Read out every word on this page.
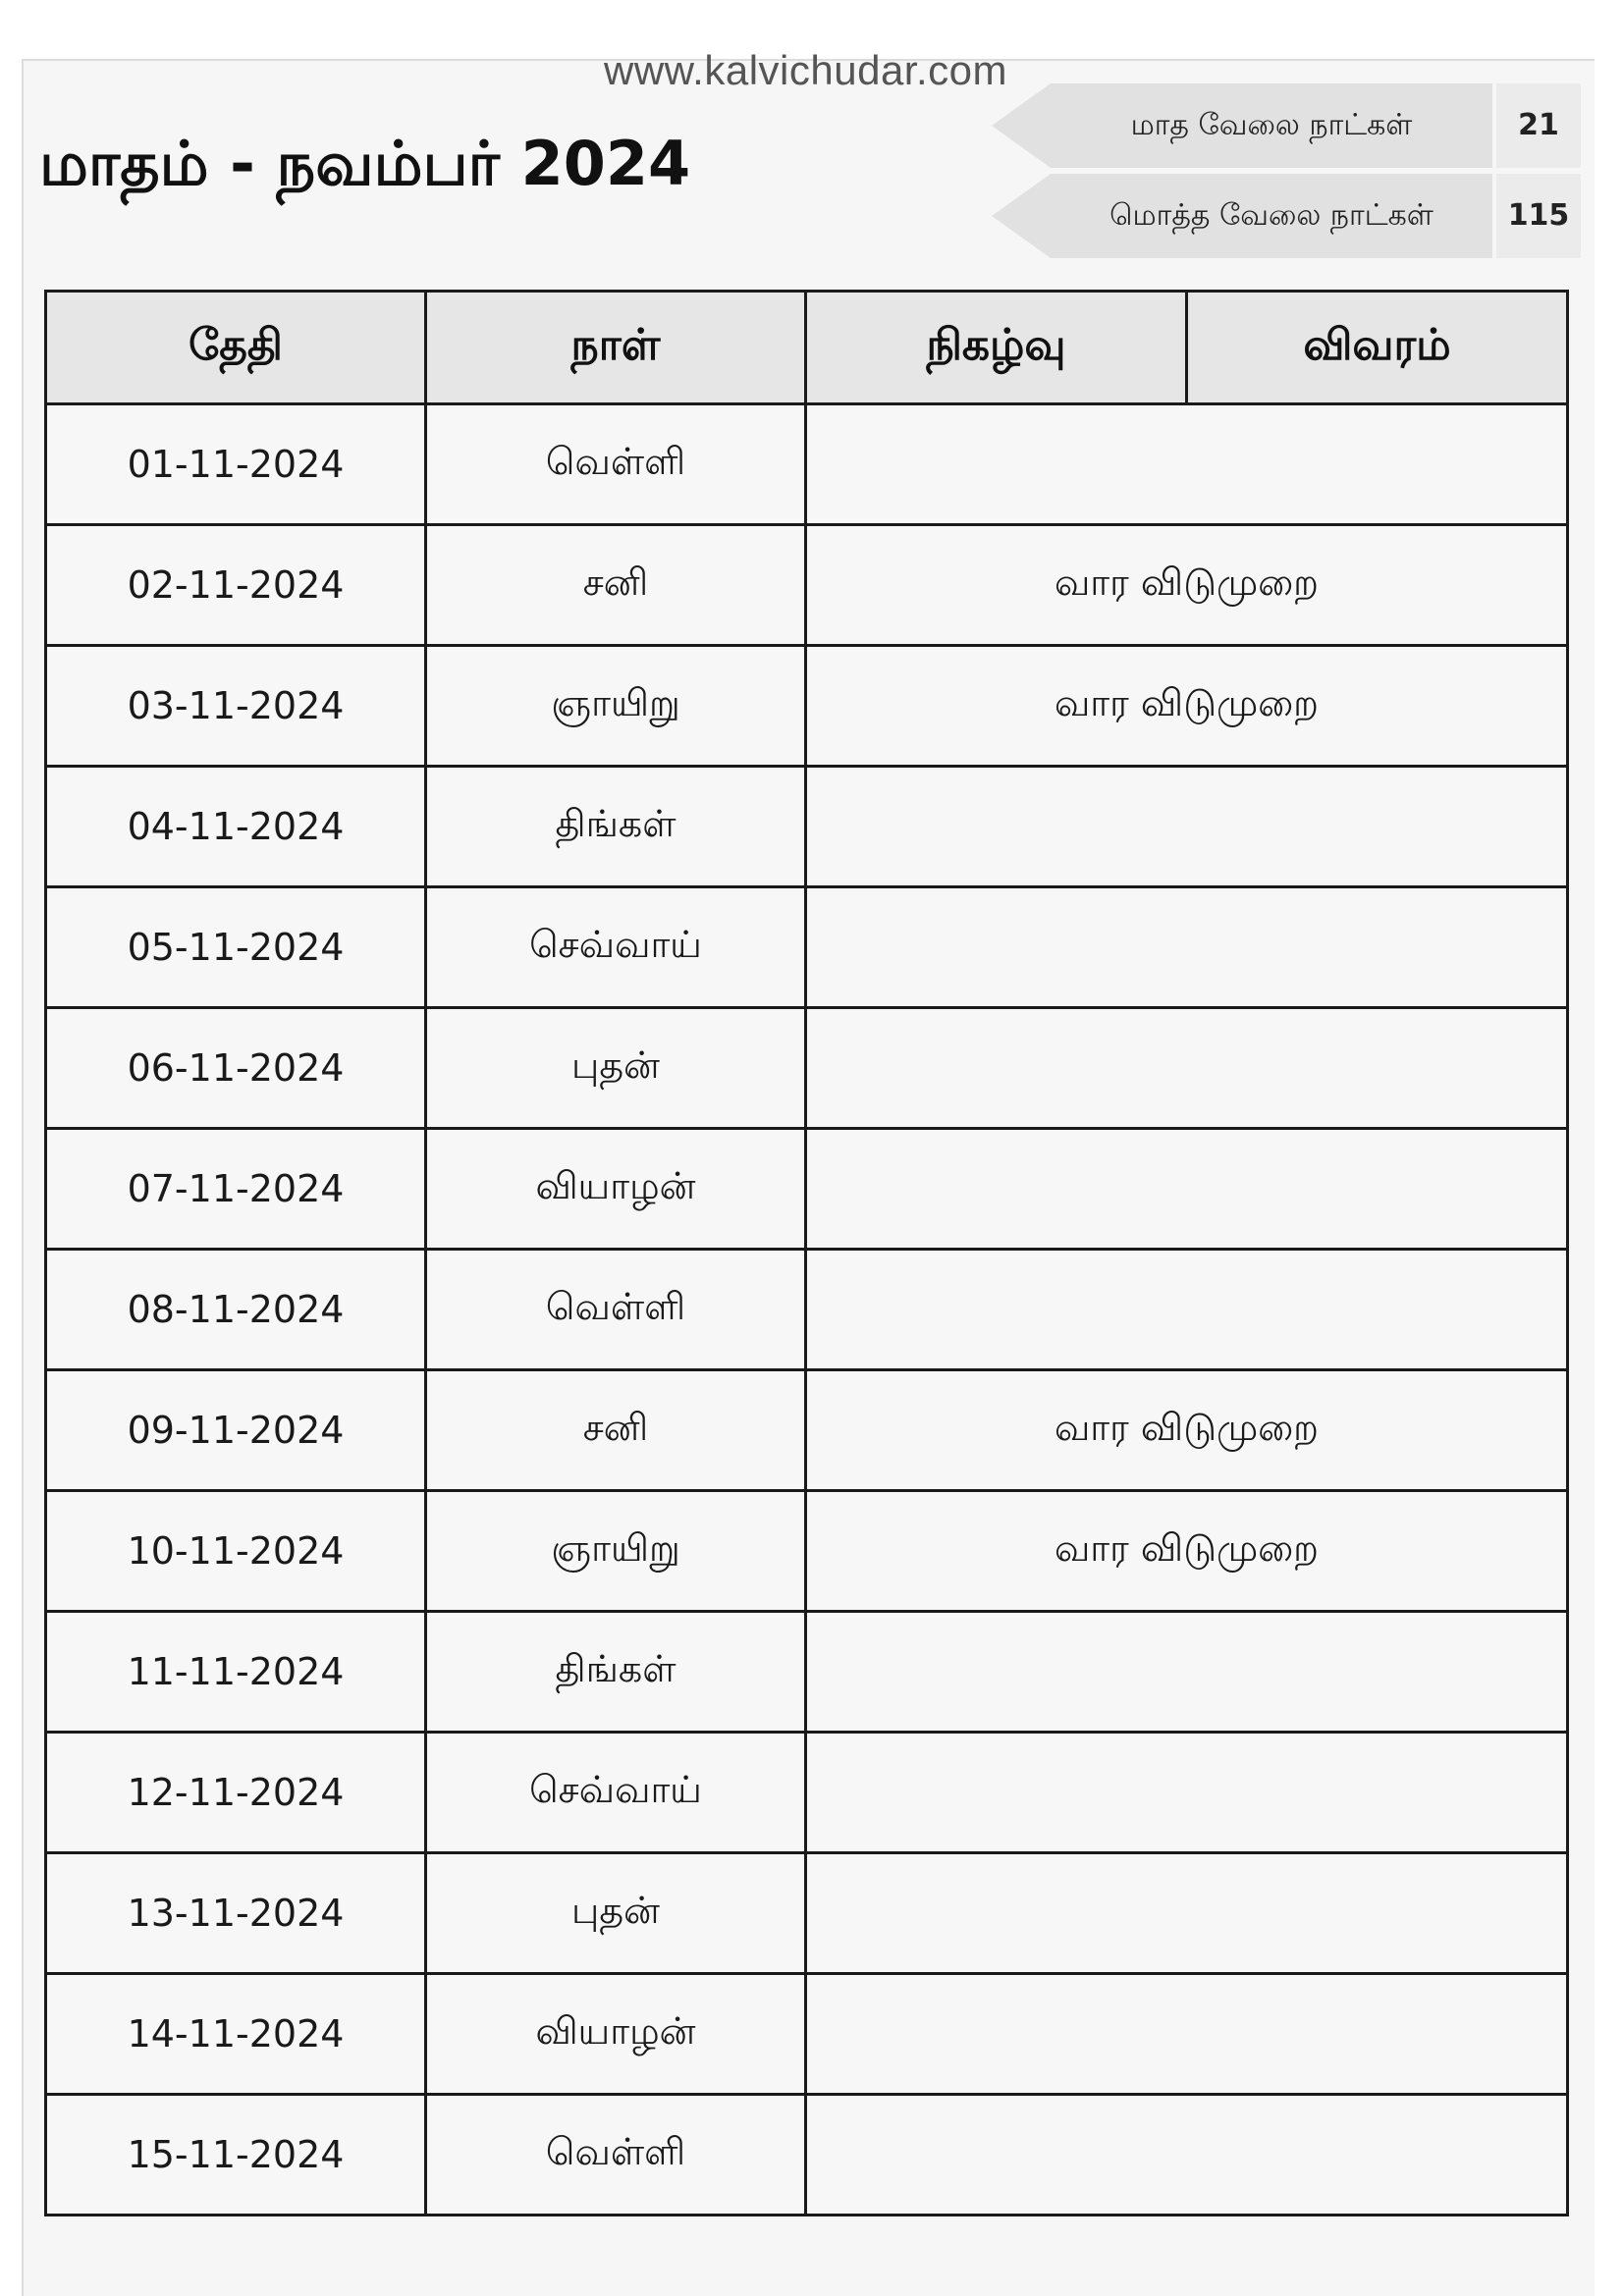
www.kalvichudar.com
மாதம் - நவம்பர் 2024
மாத வேலை நாட்கள்	21
மொத்த வேலை நாட்கள்	115
தேதி	நாள்	நிகழ்வு	விவரம்
01-11-2024	வெள்ளி		
02-11-2024	சனி	வார விடுமுறை	
03-11-2024	ஞாயிறு	வார விடுமுறை	
04-11-2024	திங்கள்		
05-11-2024	செவ்வாய்		
06-11-2024	புதன்		
07-11-2024	வியாழன்		
08-11-2024	வெள்ளி		
09-11-2024	சனி	வார விடுமுறை	
10-11-2024	ஞாயிறு	வார விடுமுறை	
11-11-2024	திங்கள்		
12-11-2024	செவ்வாய்		
13-11-2024	புதன்		
14-11-2024	வியாழன்		
15-11-2024	வெள்ளி		
